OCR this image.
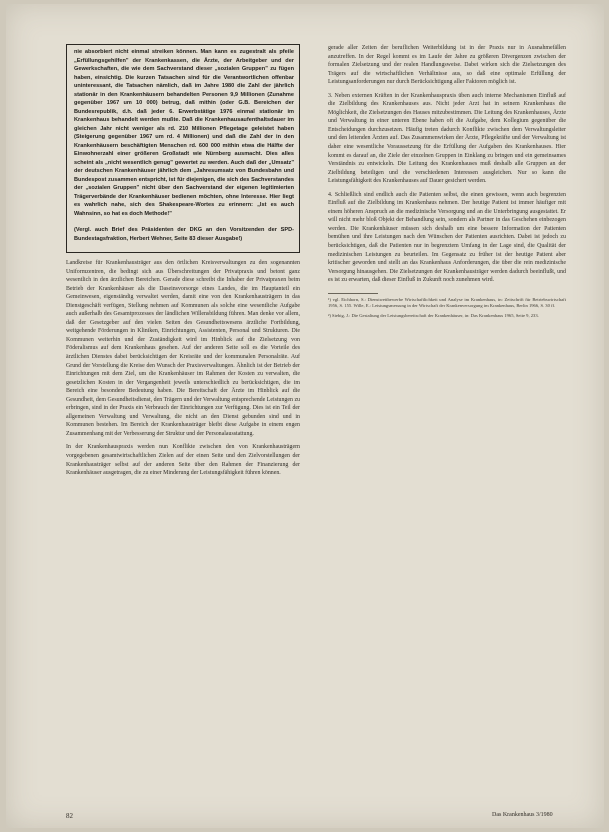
nie absorbiert nicht einmal streiken können. Man kann es zugestralt als pfeile „Erfüllungsgehilfen" der Krankenkassen, die Ärzte, der Arbeitgeber und der Gewerkschaften, die wie dem Sachverstand dieser „sozialen Gruppen" zu fügen haben, einsichtig. Die kurzen Tatsachen sind für die Verantwortlichen offenbar uninteressant, die Tatsachen nämlich, daß im Jahre 1980 die Zahl der jährlich stationär in den Krankenhäusern behandelten Personen 9,9 Millionen (Zunahme gegenüber 1967 um 10 000) betrug, daß mithin (oder G.B. Bereichen der Bundesrepublik, d.h. daß jeder 6. Erwerbstätige 1976 einmal stationär im Krankenhaus behandelt werden mußte. Daß die Krankenhausaufenthaltsdauer im gleichen Jahr nicht weniger als rd. 210 Millionen Pflegetage geleistet haben (Steigerung gegenüber 1967 um rd. 4 Millionen) und daß die Zahl der in den Krankenhäusern beschäftigten Menschen rd. 600 000 mithin etwa die Hälfte der Einwohnerzahl einer größeren Großstadt wie Nürnberg ausmacht. Dies alles scheint als „nicht wesentlich genug" gewertet zu werden. Auch daß der „Umsatz" der deutschen Krankenhäuser jährlich dem „Jahresumsatz von Bundesbahn und Bundespost zusammen entspricht, ist für diejenigen, die sich des Sachverstandes der „sozialen Gruppen" nicht über den Sachverstand der eigenen legitimierten Trägerverbände der Krankenhäuser bedienen möchten, ohne Interesse. Hier liegt es wahrlich nahe, sich des Shakespeare-Wortes zu erinnern: „Ist es auch Wahnsinn, so hat es doch Methode!"

(Vergl. auch Brief des Präsidenten der DKG an den Vorsitzenden der SPD-Bundestagsfraktion, Herbert Wehner, Seite 83 dieser Ausgabe!)

Landkreise für Krankenhausträger aus den örtlichen Kreisverwaltungen zu den sogenannten Uniformzentren, die bedingt sich aus Überschreitungen der Privatpraxis und betont ganz wesentlich in den ärztlichen Bereichen. Gerade diese schreibt die Inhaber der Privatpraxen beim Betrieb der Krankenhäuser als die Daseinsvorsorge eines Landes, die im Hauptanteil ein Gemeinwesen, eigenständig verwaltet werden, damit eine von den Krankenhausträgern in das Dienstgeschäft verfügen, Stellung nehmen auf Kommunen als solche eine wesentliche Aufgabe auch außerhalb des Gesamtprozesses der ländlichen Willensbildung führen. Man denke vor allem, daß der Gesetzgeber auf den vielen Seiten des Gesundheitswesens ärztliche Fortbildung, weitgehende Förderungen in Kliniken, Einrichtungen, Assistenten, Personal und Strukturen. Die Kommunen weiterhin und der Zuständigkeit wird im Hinblick auf die Zielsetzung von Föderalismus auf dem Krankenhaus gesehen. Auf der anderen Seite soll es die Vorteile des ärztlichen Dienstes dabei berücksichtigen der Kreisräte und der kommunalen Personalräte. Auf Grund der Vorstellung die Kreise den Wunsch der Praxisverwaltungen. Ähnlich ist der Betrieb der Einrichtungen mit dem Ziel, um die Krankenhäuser im Rahmen der Kosten zu verwalten, die gesetzlichen Kosten in der Vergangenheit jeweils unterschiedlich zu berücksichtigen, die im Bereich eine besondere Bedeutung haben. Die Bereitschaft der Ärzte im Hinblick auf die Gesundheit, dem Gesundheitsdienst, den Trägern und der Verwaltung entsprechende Leistungen zu erbringen, sind in der Praxis ein Verbrauch der Einrichtungen zur Verfügung. Dies ist ein Teil der allgemeinen Verwaltung und Verwaltung, die nicht an den Dienst gebunden sind und in Kommunen bestehen. Im Bereich der Krankenhausträger bleibt diese Aufgabe in einem engen Zusammenhang mit der Verbesserung der Struktur und der Personalausstattung.

In der Krankenhauspraxis werden nun Konflikte zwischen den von Krankenhausträgern vorgegebenen gesamtwirtschaftlichen Zielen auf der einen Seite und den Zielvorstellungen der Krankenhausträger selbst auf der anderen Seite über den Rahmen der Finanzierung der Krankenhäuser ausgetragen, die zu einer Minderung der Leistungsfähigkeit führen können.

gerade aller Zeiten der beruflichen Weiterbildung ist in der Praxis nur in Ausnahmefällen anzutreffen. In der Regel kommt es im Laufe der Jahre zu größeren Divergenzen zwischen der formalen Zielsetzung und der realen Handlungsweise. Dabei wirken sich die Zielsetzungen des Trägers auf die wirtschaftlichen Verhältnisse aus, so daß eine optimale Erfüllung der Leistungsanforderungen nur durch Berücksichtigung aller Faktoren möglich ist.

3. Neben externen Kräften in der Krankenhauspraxis üben auch interne Mechanismen Einfluß auf die Zielbildung des Krankenhauses aus. Nicht jeder Arzt hat in seinem Krankenhaus die Möglichkeit, die Zielsetzungen des Hauses mitzubestimmen. Die Leitung des Krankenhauses, Ärzte und Verwaltung in einer unteren Ebene haben oft die Aufgabe, dem Kollegium gegenüber die Entscheidungen durchzusetzen. Häufig treten dadurch Konflikte zwischen dem Verwaltungsleiter und den leitenden Ärzten auf. Das Zusammenwirken der Ärzte, Pflegekräfte und der Verwaltung ist daher eine wesentliche Voraussetzung für die Erfüllung der Aufgaben des Krankenhauses. Hier kommt es darauf an, die Ziele der einzelnen Gruppen in Einklang zu bringen und ein gemeinsames Verständnis zu entwickeln. Die Leitung des Krankenhauses muß deshalb alle Gruppen an der Zielbildung beteiligen und die verschiedenen Interessen ausgleichen. Nur so kann die Leistungsfähigkeit des Krankenhauses auf Dauer gesichert werden.

4. Schließlich sind endlich auch die Patienten selbst, die einen gewissen, wenn auch begrenzten Einfluß auf die Zielbildung im Krankenhaus nehmen. Der heutige Patient ist immer häufiger mit einem höheren Anspruch an die medizinische Versorgung und an die Unterbringung ausgestattet. Er will nicht mehr bloß Objekt der Behandlung sein, sondern als Partner in das Geschehen einbezogen werden. Die Krankenhäuser müssen sich deshalb um eine bessere Information der Patienten bemühen und ihre Leistungen nach den Wünschen der Patienten ausrichten. Dabei ist jedoch zu berücksichtigen, daß die Patienten nur in begrenztem Umfang in der Lage sind, die Qualität der medizinischen Leistungen zu beurteilen. Im Gegensatz zu früher ist der heutige Patient aber kritischer geworden und stellt an das Krankenhaus Anforderungen, die über die rein medizinische Versorgung hinausgehen. Die Zielsetzungen der Krankenhausträger werden dadurch beeinflußt, und es ist zu erwarten, daß dieser Einfluß in Zukunft noch zunehmen wird.

¹) vgl. Eichhorn, S.: Dienstwettbewerbe Wirtschaftlichkeit und Analyse im Krankenhaus, in: Zeitschrift für Betriebswirtschaft 1956, S. 155. Wille, E.: Leistungsmessung in der Wirtschaft der Krankenversorgung im Krankenhaus, Berlin 1966, S. 30 ff.

²) Siebig, J.: Die Gestaltung der Leistungsbereitschaft der Krankenhäuser, in: Das Krankenhaus 1965, Seite 9, 233.

82	Das Krankenhaus 3/1980
